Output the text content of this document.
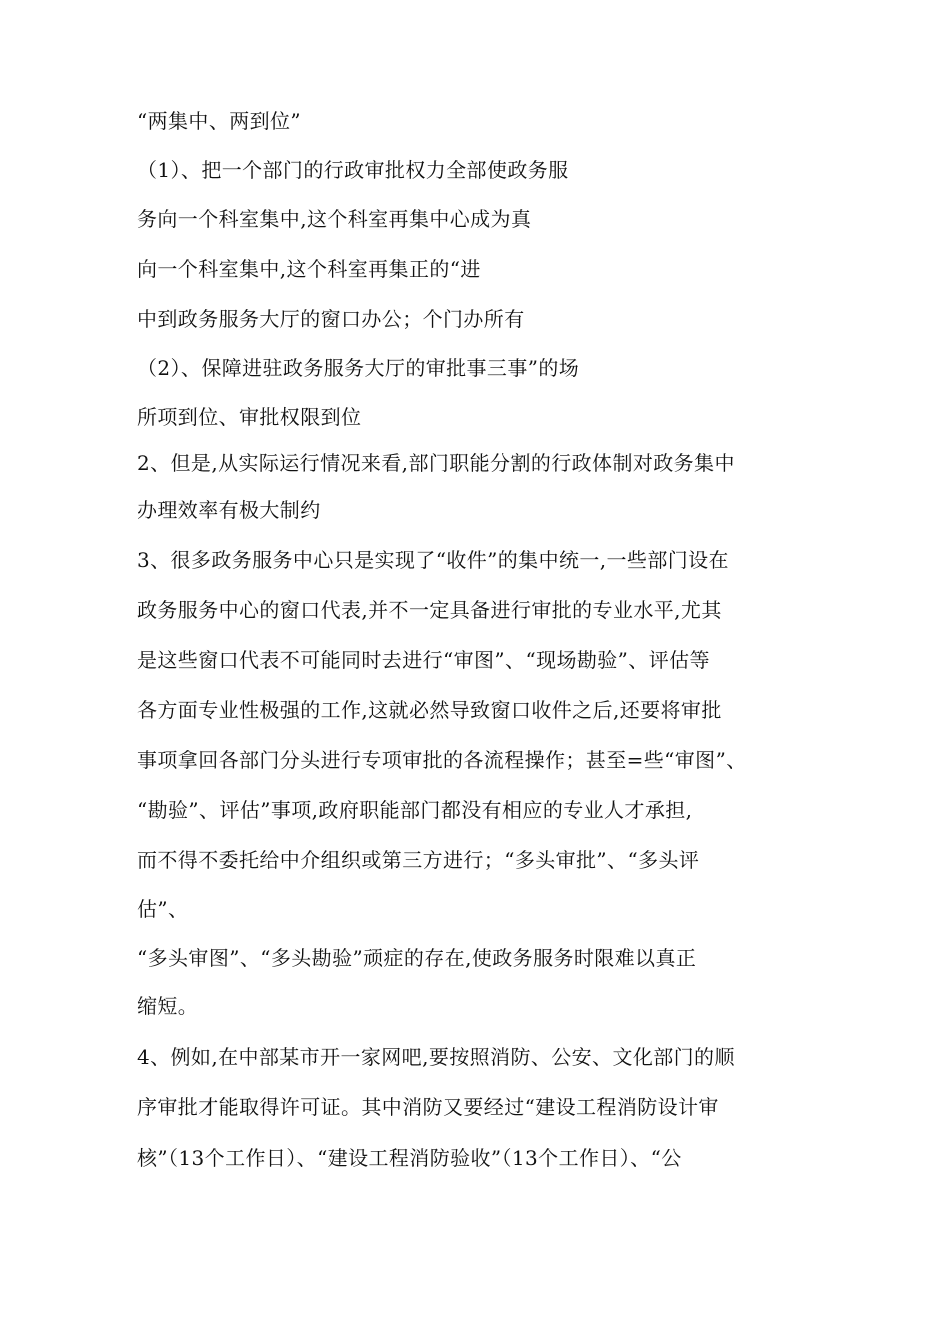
“两集中、两到位”
（1）、把一个部门的行政审批权力全部使政务服
务向一个科室集中,这个科室再集中心成为真
向一个科室集中,这个科室再集正的“进
中到政务服务大厅的窗口办公；个门办所有
（2）、保障进驻政务服务大厅的审批事三事”的场
所项到位、审批权限到位
2、但是,从实际运行情况来看,部门职能分割的行政体制对政务集中
办理效率有极大制约
3、很多政务服务中心只是实现了“收件”的集中统一,一些部门设在
政务服务中心的窗口代表,并不一定具备进行审批的专业水平,尤其
是这些窗口代表不可能同时去进行“审图”、“现场勘验”、评估等
各方面专业性极强的工作,这就必然导致窗口收件之后,还要将审批
事项拿回各部门分头进行专项审批的各流程操作；甚至=些“审图”、
“勘验”、评估”事项,政府职能部门都没有相应的专业人才承担,
而不得不委托给中介组织或第三方进行；“多头审批”、“多头评
估”、
“多头审图”、“多头勘验”顽症的存在,使政务服务时限难以真正
缩短。
4、例如,在中部某市开一家网吧,要按照消防、公安、文化部门的顺
序审批才能取得许可证。其中消防又要经过“建设工程消防设计审
核”（13个工作日）、“建设工程消防验收”（13个工作日）、“公
